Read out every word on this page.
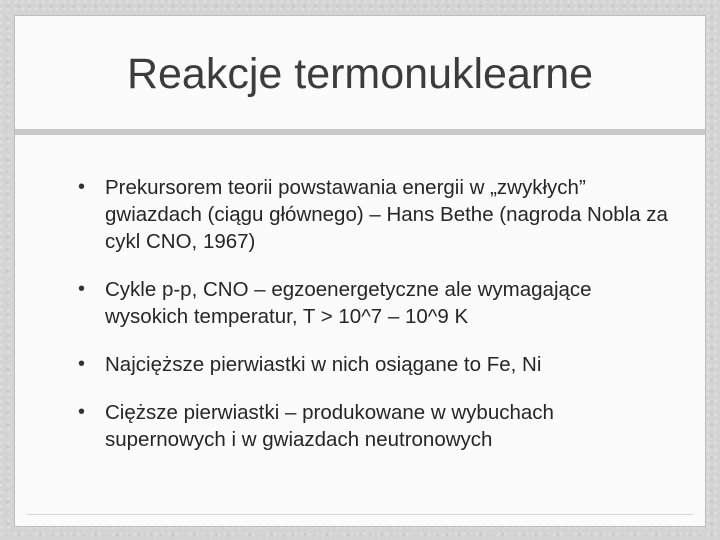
Reakcje termonuklearne
• Prekursorem teorii powstawania energii w „zwykłych” gwiazdach (ciągu głównego) – Hans Bethe (nagroda Nobla za cykl CNO, 1967)
• Cykle p-p, CNO – egzoenergetyczne ale wymagające wysokich temperatur, T > 10^7 – 10^9 K
• Najcięższe pierwiastki w nich osiągane to Fe, Ni
• Cięższe pierwiastki – produkowane w wybuchach supernowych i w gwiazdach neutronowych
